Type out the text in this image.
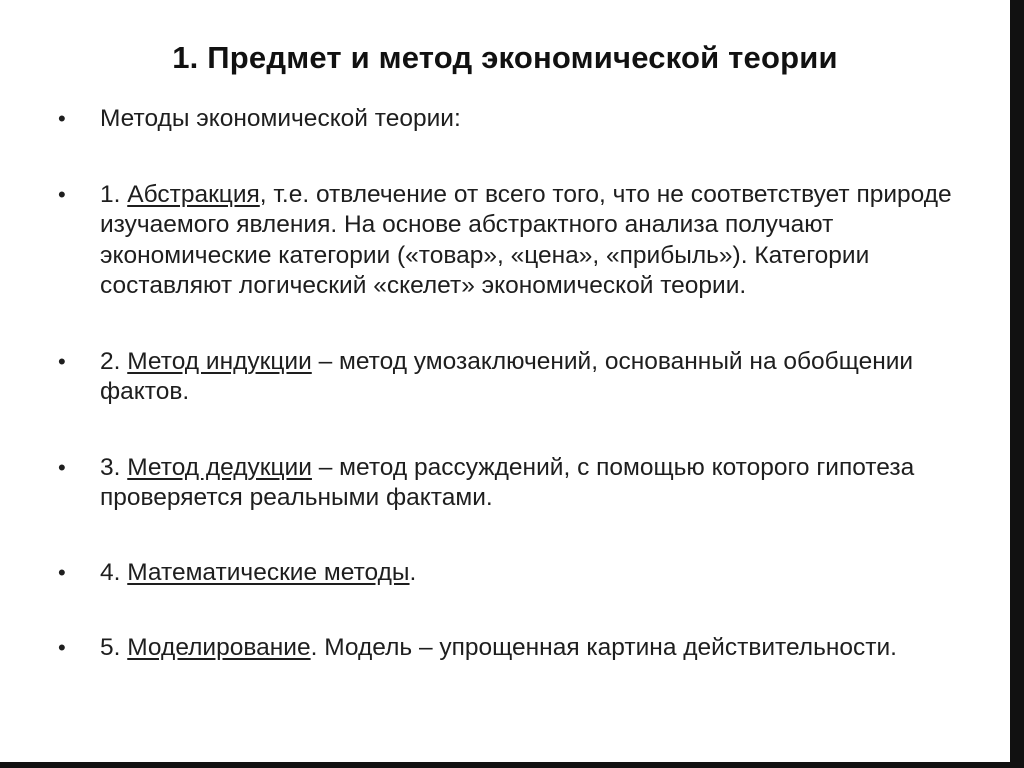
1. Предмет и метод экономической теории
• Методы экономической теории:
• 1. Абстракция, т.е. отвлечение от всего того, что не соответствует природе изучаемого явления. На основе абстрактного анализа получают экономические категории («товар», «цена», «прибыль»). Категории составляют логический «скелет» экономической теории.
• 2. Метод индукции – метод умозаключений, основанный на обобщении фактов.
• 3. Метод дедукции – метод рассуждений, с помощью которого гипотеза проверяется реальными фактами.
• 4. Математические методы.
• 5. Моделирование. Модель – упрощенная картина действительности.
